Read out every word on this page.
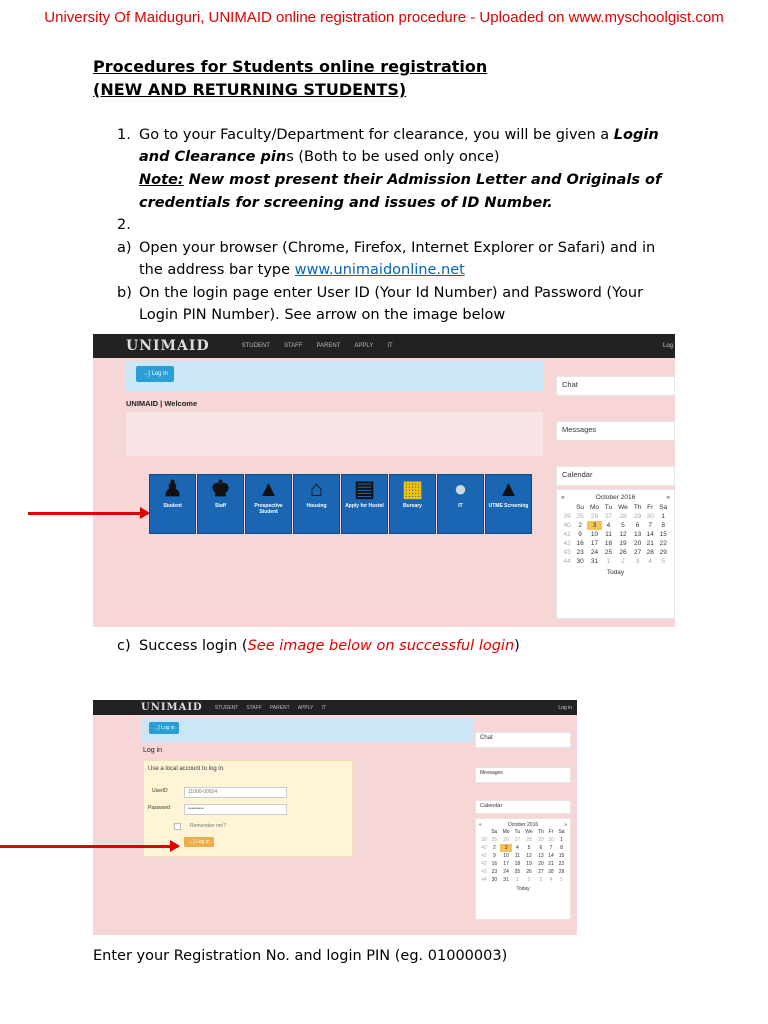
University Of Maiduguri, UNIMAID online registration procedure - Uploaded on www.myschoolgist.com
Procedures for Students online registration
(NEW AND RETURNING STUDENTS)
1. Go to your Faculty/Department for clearance, you will be given a Login
and Clearance pins (Both to be used only once)
Note: New most present their Admission Letter and Originals of
credentials for screening and issues of ID Number.
2.
a) Open your browser (Chrome, Firefox, Internet Explorer or Safari) and in
the address bar type www.unimaidonline.net
b) On the login page enter User ID (Your Id Number) and Password (Your
Login PIN Number). See arrow on the image below
UNIMAID	STUDENT STAFF PARENT APPLY IT	Log
→] Log in
UNIMAID | Welcome
♟
Student
♚
Staff
▲
Prospective Student
⌂
Housing
▤
Apply for Hostel
▦
Bursary
●
IT
▲
UTME Screening
Chat
Messages
Calendar
«	October 2016	»
	Su	Mo	Tu	We	Th	Fr	Sa
39	25	26	27	28	29	30	1
40	2	3	4	5	6	7	8
41	9	10	11	12	13	14	15
42	16	17	18	19	20	21	22
43	23	24	25	26	27	28	29
44	30	31	1	2	3	4	5
Today
c) Success login (See image below on successful login)
UNIMAID STUDENT STAFF PARENT APPLY IT	Log in
→] Log in
Log in
Use a local account to log in.
UserID	11000-00024
Password	•••••••••
Remember me?
→] Log in
Chat
Messages
Calendar
«	October 2016	»
	Su	Mo	Tu	We	Th	Fr	Sa
39	25	26	27	28	29	30	1
40	2	3	4	5	6	7	8
41	9	10	11	12	13	14	15
42	16	17	18	19	20	21	22
43	23	24	25	26	27	28	29
44	30	31	1	2	3	4	5
Today
Enter your Registration No. and login PIN (eg. 01000003)
